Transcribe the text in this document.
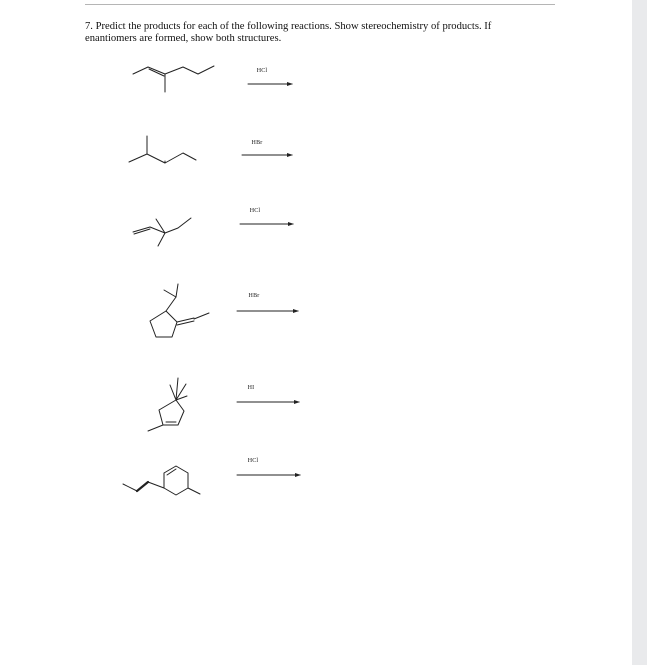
7. Predict the products for each of the following reactions. Show stereochemistry of products. If
enantiomers are formed, show both structures.
HCl
HBr
HCl
HBr
HI
HCl
